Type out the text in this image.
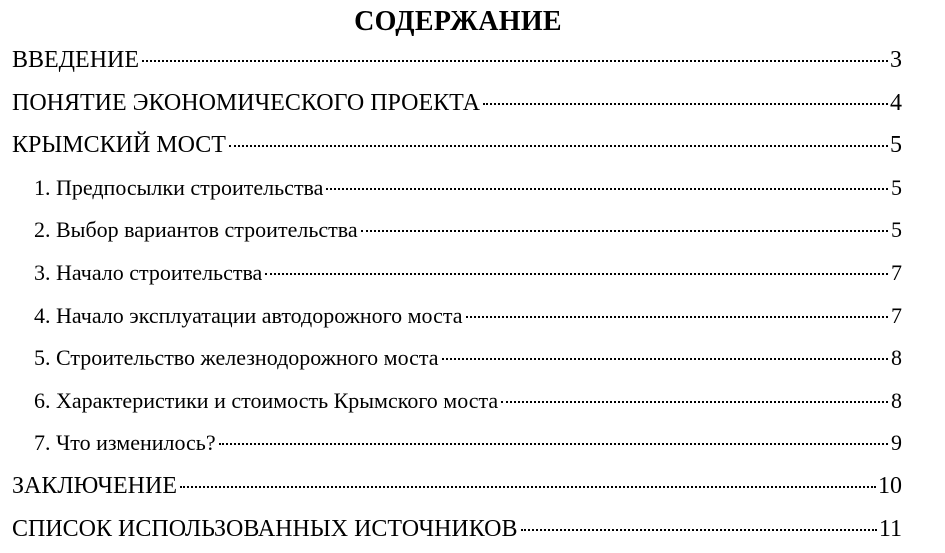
СОДЕРЖАНИЕ
ВВЕДЕНИЕ	3
ПОНЯТИЕ ЭКОНОМИЧЕСКОГО ПРОЕКТА	4
КРЫМСКИЙ МОСТ	5
1. Предпосылки строительства	5
2. Выбор вариантов строительства	5
3. Начало строительства	7
4. Начало эксплуатации автодорожного моста	7
5. Строительство железнодорожного моста	8
6. Характеристики и стоимость Крымского моста	8
7. Что изменилось?	9
ЗАКЛЮЧЕНИЕ	10
СПИСОК ИСПОЛЬЗОВАННЫХ ИСТОЧНИКОВ	11
